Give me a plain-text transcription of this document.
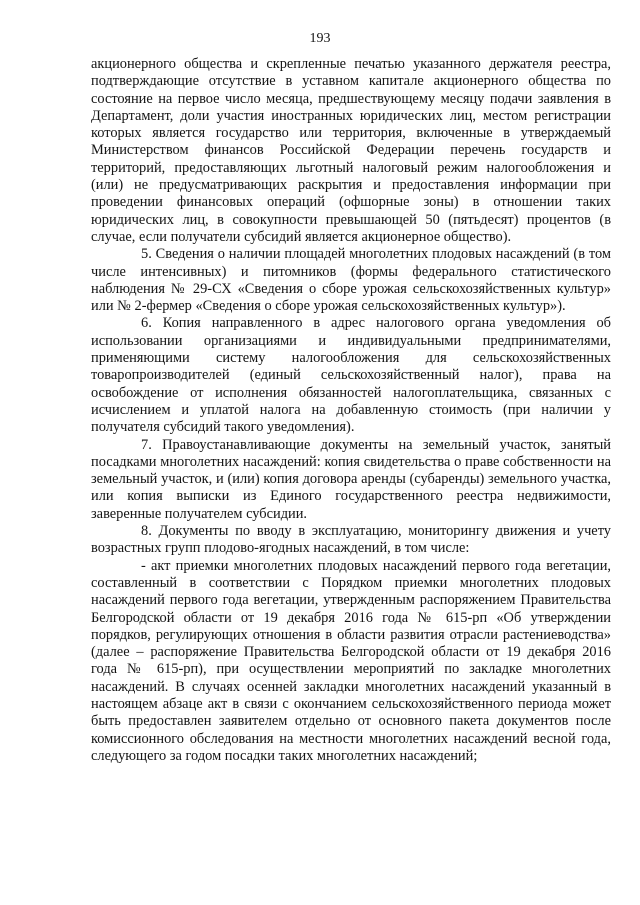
193

акционерного общества и скрепленные печатью указанного держателя реестра, подтверждающие отсутствие в уставном капитале акционерного общества по состояние на первое число месяца, предшествующему месяцу подачи заявления в Департамент, доли участия иностранных юридических лиц, местом регистрации которых является государство или территория, включенные в утверждаемый Министерством финансов Российской Федерации перечень государств и территорий, предоставляющих льготный налоговый режим налогообложения и (или) не предусматривающих раскрытия и предоставления информации при проведении финансовых операций (офшорные зоны) в отношении таких юридических лиц, в совокупности превышающей 50 (пятьдесят) процентов (в случае, если получатели субсидий является акционерное общество).

5. Сведения о наличии площадей многолетних плодовых насаждений (в том числе интенсивных) и питомников (формы федерального статистического наблюдения № 29-СХ «Сведения о сборе урожая сельскохозяйственных культур» или № 2-фермер «Сведения о сборе урожая сельскохозяйственных культур»).

6. Копия направленного в адрес налогового органа уведомления об использовании организациями и индивидуальными предпринимателями, применяющими систему налогообложения для сельскохозяйственных товаропроизводителей (единый сельскохозяйственный налог), права на освобождение от исполнения обязанностей налогоплательщика, связанных с исчислением и уплатой налога на добавленную стоимость (при наличии у получателя субсидий такого уведомления).

7. Правоустанавливающие документы на земельный участок, занятый посадками многолетних насаждений: копия свидетельства о праве собственности на земельный участок, и (или) копия договора аренды (субаренды) земельного участка, или копия выписки из Единого государственного реестра недвижимости, заверенные получателем субсидии.

8. Документы по вводу в эксплуатацию, мониторингу движения и учету возрастных групп плодово-ягодных насаждений, в том числе:

- акт приемки многолетних плодовых насаждений первого года вегетации, составленный в соответствии с Порядком приемки многолетних плодовых насаждений первого года вегетации, утвержденным распоряжением Правительства Белгородской области от 19 декабря 2016 года № 615-рп «Об утверждении порядков, регулирующих отношения в области развития отрасли растениеводства» (далее – распоряжение Правительства Белгородской области от 19 декабря 2016 года № 615-рп), при осуществлении мероприятий по закладке многолетних насаждений. В случаях осенней закладки многолетних насаждений указанный в настоящем абзаце акт в связи с окончанием сельскохозяйственного периода может быть предоставлен заявителем отдельно от основного пакета документов после комиссионного обследования на местности многолетних насаждений весной года, следующего за годом посадки таких многолетних насаждений;
